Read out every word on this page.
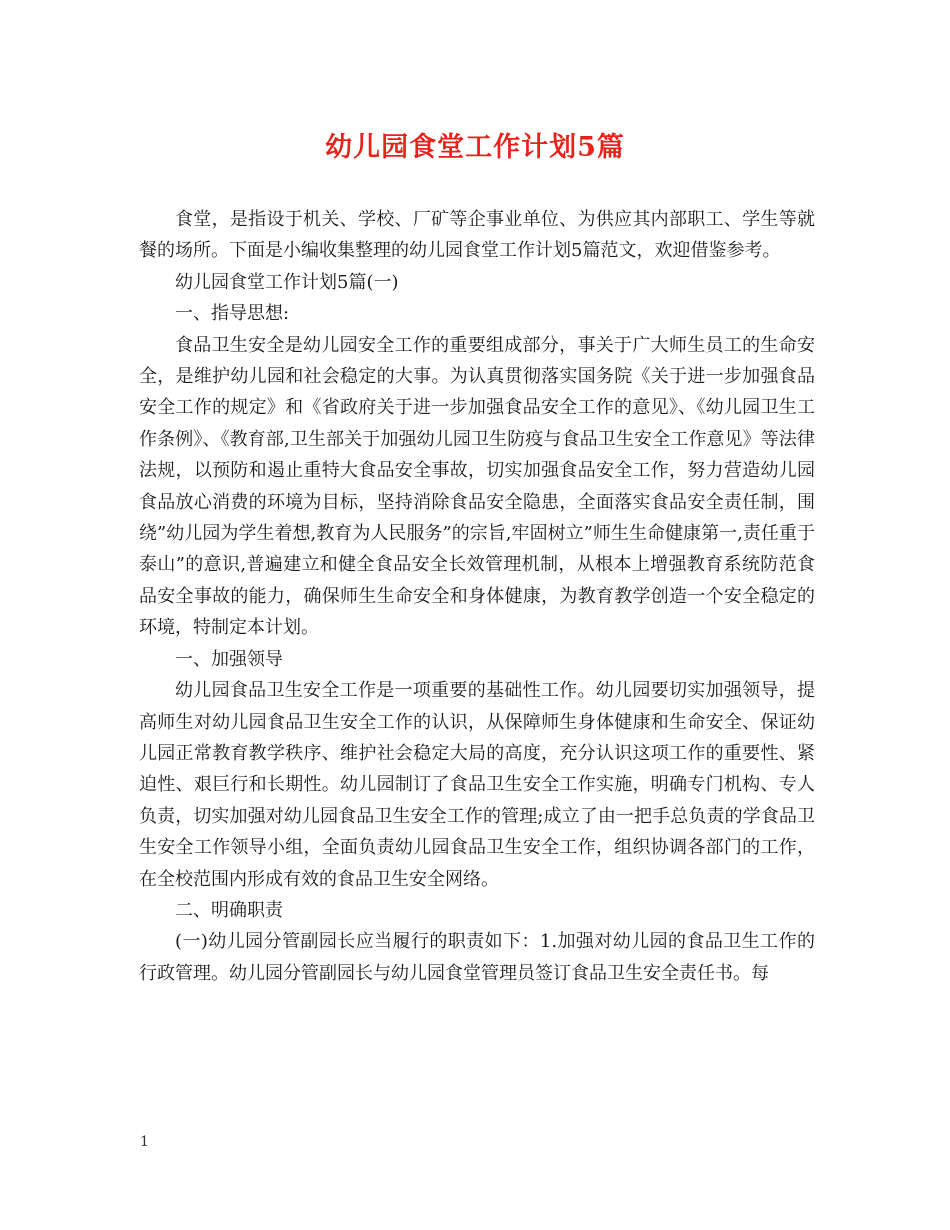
幼儿园食堂工作计划5篇

食堂，是指设于机关、学校、厂矿等企事业单位、为供应其内部职工、学生等就餐的场所。下面是小编收集整理的幼儿园食堂工作计划5篇范文，欢迎借鉴参考。

幼儿园食堂工作计划5篇(一)

一、指导思想:

食品卫生安全是幼儿园安全工作的重要组成部分，事关于广大师生员工的生命安全，是维护幼儿园和社会稳定的大事。为认真贯彻落实国务院《关于进一步加强食品安全工作的规定》和《省政府关于进一步加强食品安全工作的意见》、《幼儿园卫生工作条例》、《教育部,卫生部关于加强幼儿园卫生防疫与食品卫生安全工作意见》等法律法规，以预防和遏止重特大食品安全事故，切实加强食品安全工作，努力营造幼儿园食品放心消费的环境为目标，坚持消除食品安全隐患，全面落实食品安全责任制，围绕”幼儿园为学生着想,教育为人民服务”的宗旨,牢固树立”师生生命健康第一,责任重于泰山”的意识,普遍建立和健全食品安全长效管理机制，从根本上增强教育系统防范食品安全事故的能力，确保师生生命安全和身体健康，为教育教学创造一个安全稳定的环境，特制定本计划。

一、加强领导

幼儿园食品卫生安全工作是一项重要的基础性工作。幼儿园要切实加强领导，提高师生对幼儿园食品卫生安全工作的认识，从保障师生身体健康和生命安全、保证幼儿园正常教育教学秩序、维护社会稳定大局的高度，充分认识这项工作的重要性、紧迫性、艰巨行和长期性。幼儿园制订了食品卫生安全工作实施，明确专门机构、专人负责，切实加强对幼儿园食品卫生安全工作的管理;成立了由一把手总负责的学食品卫生安全工作领导小组，全面负责幼儿园食品卫生安全工作，组织协调各部门的工作，在全校范围内形成有效的食品卫生安全网络。

二、明确职责

(一)幼儿园分管副园长应当履行的职责如下：1.加强对幼儿园的食品卫生工作的行政管理。幼儿园分管副园长与幼儿园食堂管理员签订食品卫生安全责任书。每

1
